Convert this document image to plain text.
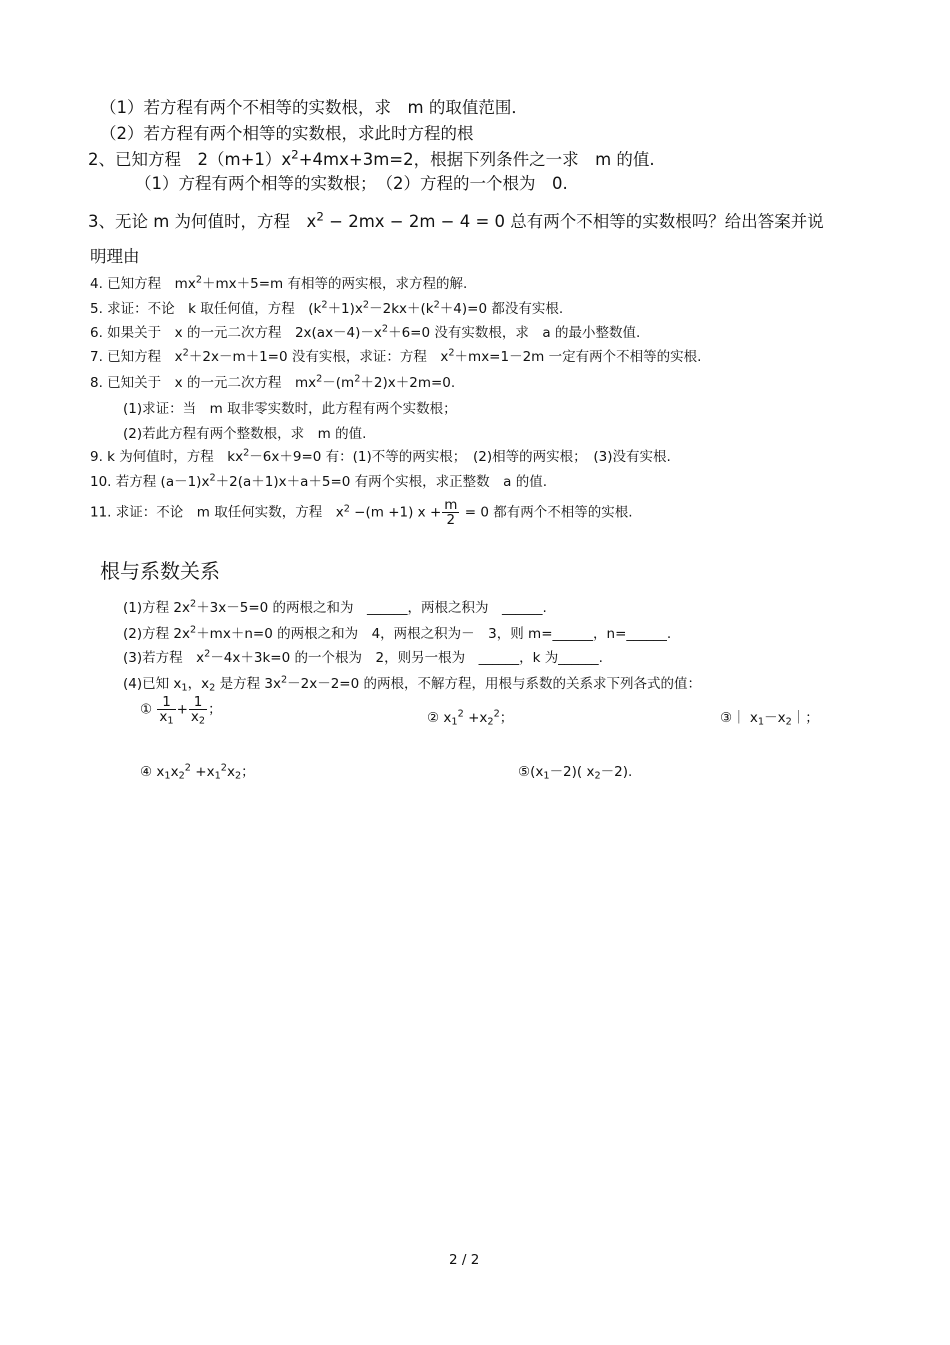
（1）若方程有两个不相等的实数根，求　m 的取值范围．
（2）若方程有两个相等的实数根，求此时方程的根
2、已知方程　$2(m+1)x^2+4mx+3m=2$，根据下列条件之一求　m 的值.
（1）方程有两个相等的实数根；　（2）方程的一个根为　0.
3、无论 m 为何值时，方程　$x^2 - 2mx - 2m - 4 = 0$ 总有两个不相等的实数根吗？给出答案并说
明理由
4. 已知方程　$mx^2+mx+5=m$ 有相等的两实根，求方程的解.
5. 求证：不论　k 取任何值，方程　$(k^2+1)x^2-2kx+(k^2+4)=0$ 都没有实根.
6. 如果关于　x 的一元二次方程　$2x(ax-4)-x^2+6=0$ 没有实数根，求　a 的最小整数值.
7. 已知方程　$x^2+2x-m+1=0$ 没有实根，求证：方程　$x^2+mx=1-2m$ 一定有两个不相等的实根.
8. 已知关于　x 的一元二次方程　$mx^2-(m^2+2)x+2m=0$.
(1)求证：当　m 取非零实数时，此方程有两个实数根；
(2)若此方程有两个整数根，求　m 的值.
9. k 为何值时，方程　$kx^2-6x+9=0$ 有：(1)不等的两实根；　(2)相等的两实根；　(3)没有实根.
10. 若方程 $(a-1)x^2+2(a+1)x+a+5=0$ 有两个实根，求正整数　a 的值.
11. 求证：不论　m 取任何实数，方程　$x^2 -(m +1) x + \frac{m}{2} = 0$ 都有两个不相等的实根.
根与系数关系
(1)方程 $2x^2+3x-5=0$ 的两根之和为　______，两根之积为　______.
(2)方程 $2x^2+mx+n=0$ 的两根之和为　4，两根之积为－　3，则 m=______，n=______.
(3)若方程　$x^2-4x+3k=0$ 的一个根为　2，则另一根为　______，k 为______.
(4)已知 $x_1$，$x_2$ 是方程 $3x^2-2x-2=0$ 的两根，不解方程，用根与系数的关系求下列各式的值：
① $\frac{1}{x_1} + \frac{1}{x_2}$ ；
② $x_1^2 +x_2^2$；	③｜ $x_1-x_2|$；
④ $x_1x_2^2 +x_1^2x_2$；	$⑤(x_1-2)$( $x_2-2$).
2 / 2
